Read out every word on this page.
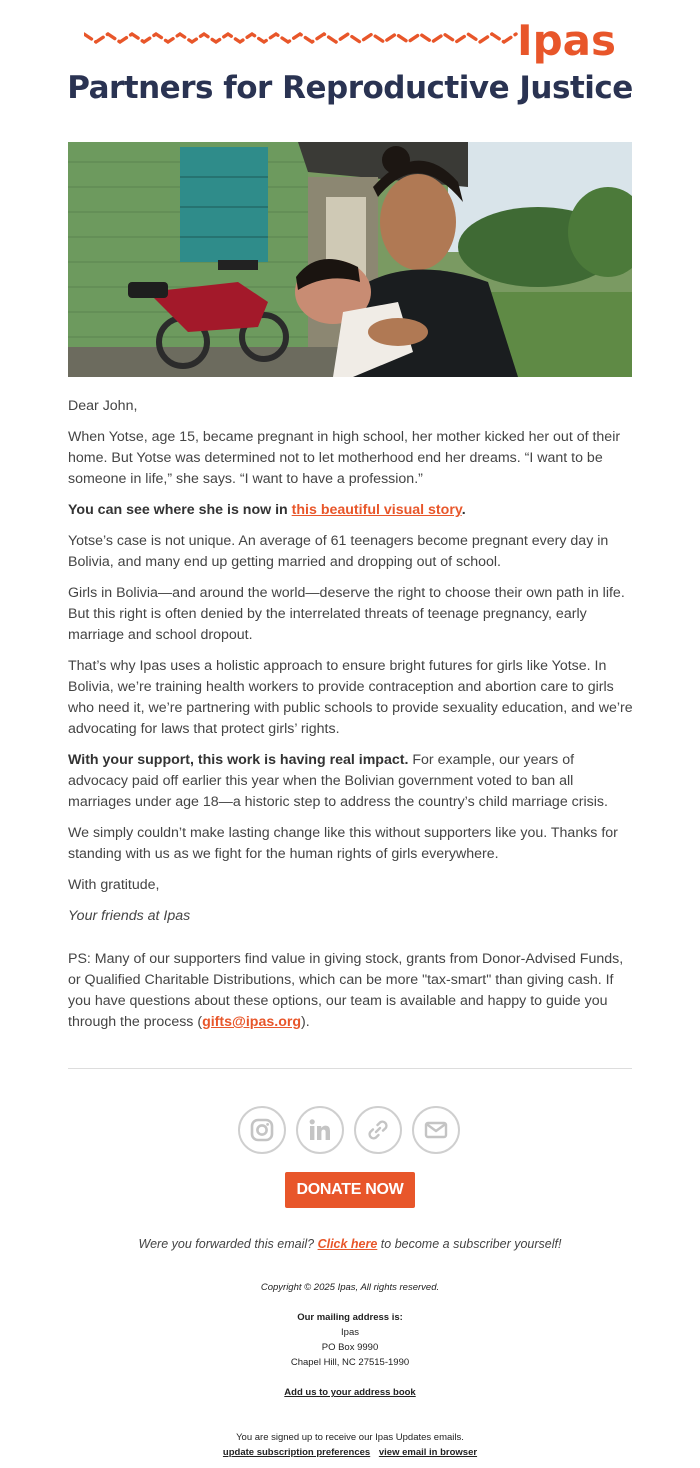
Ipas
Partners for Reproductive Justice

Dear John,

When Yotse, age 15, became pregnant in high school, her mother kicked her out of their home. But Yotse was determined not to let motherhood end her dreams. “I want to be someone in life,” she says. “I want to have a profession.”

You can see where she is now in this beautiful visual story.

Yotse’s case is not unique. An average of 61 teenagers become pregnant every day in Bolivia, and many end up getting married and dropping out of school.

Girls in Bolivia—and around the world—deserve the right to choose their own path in life. But this right is often denied by the interrelated threats of teenage pregnancy, early marriage and school dropout.

That’s why Ipas uses a holistic approach to ensure bright futures for girls like Yotse. In Bolivia, we’re training health workers to provide contraception and abortion care to girls who need it, we’re partnering with public schools to provide sexuality education, and we’re advocating for laws that protect girls’ rights.

With your support, this work is having real impact. For example, our years of advocacy paid off earlier this year when the Bolivian government voted to ban all marriages under age 18—a historic step to address the country’s child marriage crisis.

We simply couldn’t make lasting change like this without supporters like you. Thanks for standing with us as we fight for the human rights of girls everywhere.

With gratitude,

Your friends at Ipas

PS: Many of our supporters find value in giving stock, grants from Donor-Advised Funds, or Qualified Charitable Distributions, which can be more "tax-smart" than giving cash. If you have questions about these options, our team is available and happy to guide you through the process (gifts@ipas.org).

DONATE NOW
Were you forwarded this email? Click here to become a subscriber yourself!
Copyright © 2025 Ipas, All rights reserved.
Our mailing address is:
Ipas
PO Box 9990
Chapel Hill, NC 27515-1990
Add us to your address book
You are signed up to receive our Ipas Updates emails.
update subscription preferences view email in browser
